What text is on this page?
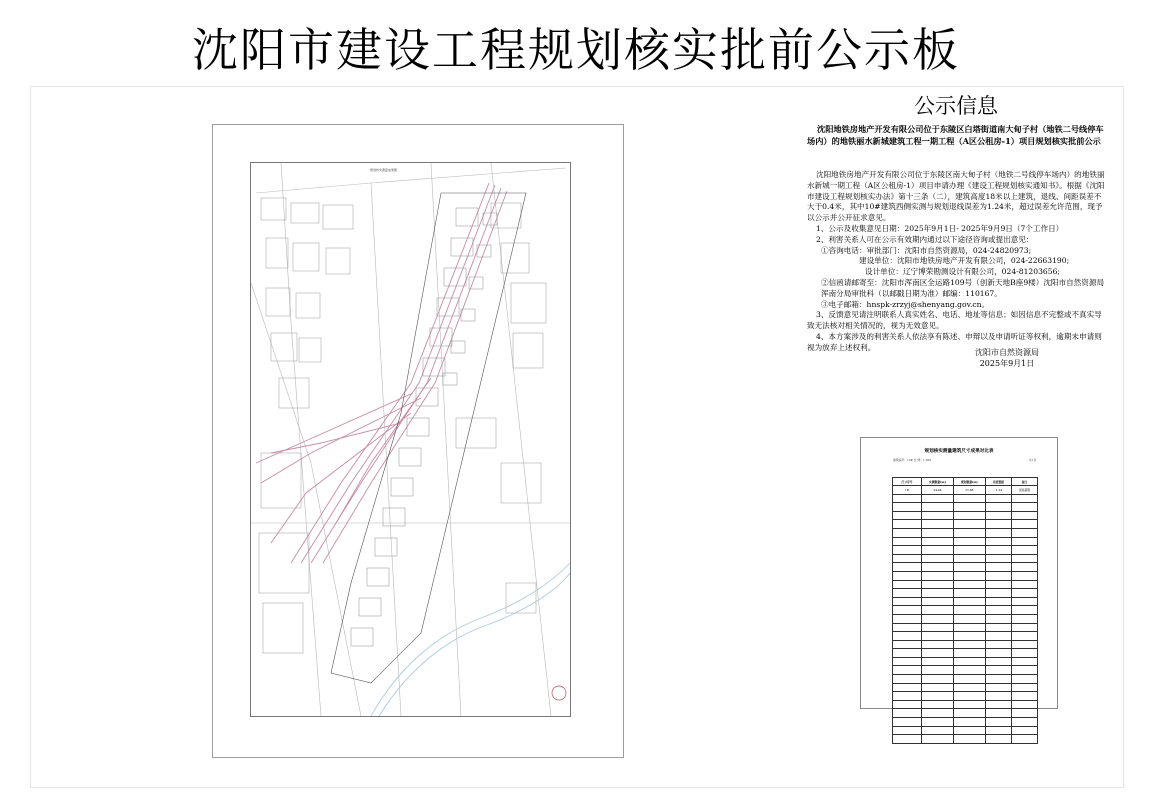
沈阳市建设工程规划核实批前公示板
规划核实测量成果图
公示信息
沈阳地铁房地产开发有限公司位于东陵区白塔街道南大甸子村（地铁二号线停车场内）的地铁丽水新城建筑工程一期工程（A区公租房-1）项目规划核实批前公示

沈阳地铁房地产开发有限公司位于东陵区南大甸子村（地铁二号线停车场内）的地铁丽水新城一期工程（A区公租房-1）项目申请办理《建设工程规划核实通知书》。根据《沈阳市建设工程规划核实办法》第十三条（二），建筑高度18米以上建筑，退线、间距误差不大于0.4米，其中10#建筑西侧实测与规划退线误差为1.24米，超过误差允许范围，现予以公示并公开征求意见。

1、公示及收集意见日期：2025年9月1日- 2025年9月9日（7个工作日）

2、利害关系人可在公示有效期内通过以下途径咨询或提出意见：

①咨询电话：审批部门：沈阳市自然资源局，024-24820973;

建设单位：沈阳市地铁房地产开发有限公司，024-22663190;

设计单位：辽宁博荣勘测设计有限公司，024-81203656;

②信函请邮寄至：沈阳市浑南区全运路109号（创新天地B座9楼）沈阳市自然资源局浑南分局审批科（以邮戳日期为准）邮编：110167。

③电子邮箱：hnspk-zrzyj@shenyang.gov.cn。

3、反馈意见请注明联系人真实姓名、电话、地址等信息；如因信息不完整或不真实导致无法核对相关情况的，视为无效意见。

4、本方案涉及的利害关系人依法享有陈述、申辩以及申请听证等权利，逾期未申请则视为放弃上述权利。

沈阳市自然资源局
2025年9月1日
规划核实测量建筑尺寸成果对比表
建筑编号：10# 比 例：1:500	共1页
尺寸序号	实测数据(m)	规划数据(m)	差值数据	备注
1#	24.44	25.68	-1.24	误差超限
